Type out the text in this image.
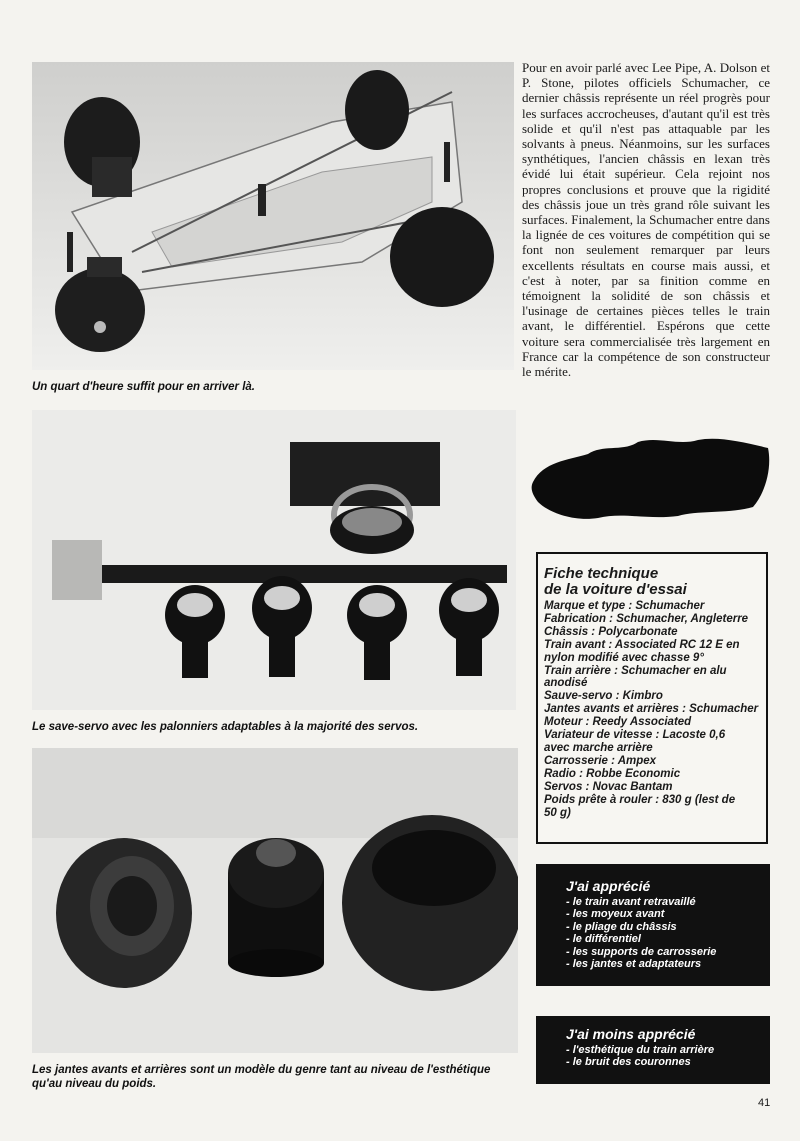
Un quart d'heure suffit pour en arriver là.
Le save-servo avec les palonniers adaptables à la majorité des servos.
Les jantes avants et arrières sont un modèle du genre tant au niveau de l'esthétique qu'au niveau du poids.

Pour en avoir parlé avec Lee Pipe, A. Dolson et P. Stone, pilotes officiels Schumacher, ce dernier châssis représente un réel progrès pour les surfaces accrocheuses, d'autant qu'il est très solide et qu'il n'est pas attaquable par les solvants à pneus. Néanmoins, sur les surfaces synthétiques, l'ancien châssis en lexan très évidé lui était supérieur. Cela rejoint nos propres conclusions et prouve que la rigidité des châssis joue un très grand rôle suivant les surfaces. Finalement, la Schumacher entre dans la lignée de ces voitures de compétition qui se font non seulement remarquer par leurs excellents résultats en course mais aussi, et c'est à noter, par sa finition comme en témoignent la solidité de son châssis et l'usinage de certaines pièces telles le train avant, le différentiel. Espérons que cette voiture sera commercialisée très largement en France car la compétence de son constructeur le mérite.

Fiche technique
de la voiture d'essai
Marque et type : Schumacher
Fabrication : Schumacher, Angleterre
Châssis : Polycarbonate
Train avant : Associated RC 12 E en
nylon modifié avec chasse 9°
Train arrière : Schumacher en alu
anodisé
Sauve-servo : Kimbro
Jantes avants et arrières : Schumacher
Moteur : Reedy Associated
Variateur de vitesse : Lacoste 0,6
avec marche arrière
Carrosserie : Ampex
Radio : Robbe Economic
Servos : Novac Bantam
Poids prête à rouler : 830 g (lest de
50 g)
J'ai apprécié
- le train avant retravaillé
- les moyeux avant
- le pliage du châssis
- le différentiel
- les supports de carrosserie
- les jantes et adaptateurs
J'ai moins apprécié
- l'esthétique du train arrière
- le bruit des couronnes
41
